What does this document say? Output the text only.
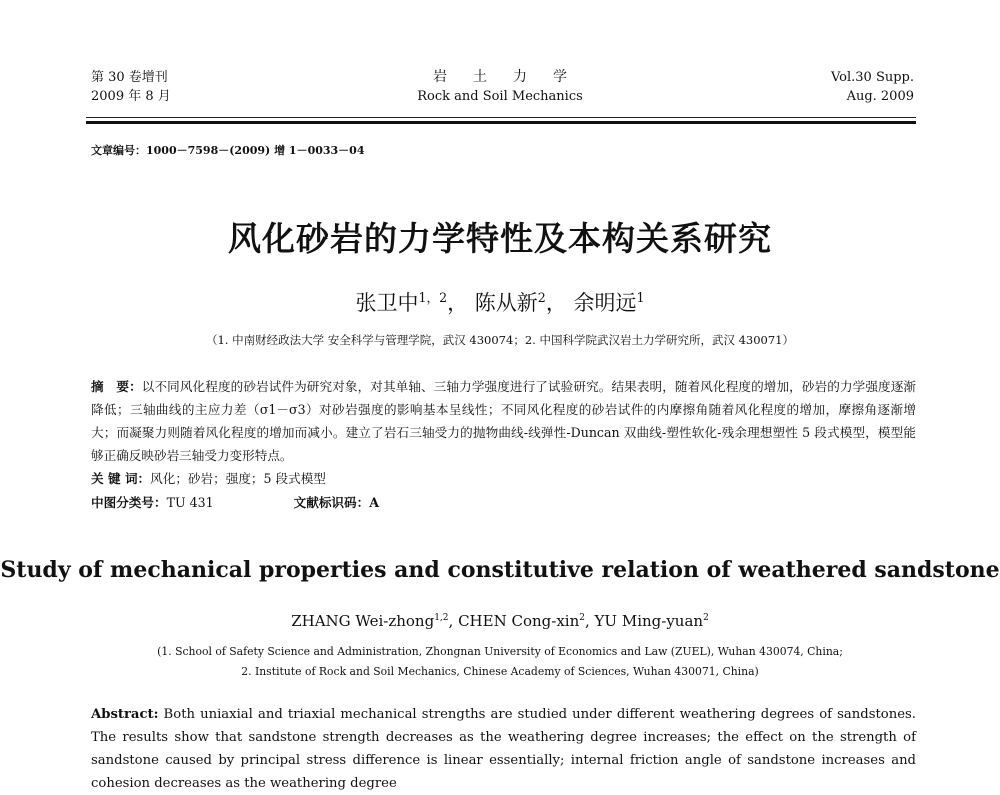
第 30 卷增刊
2009 年 8 月
岩土力学
Rock and Soil Mechanics
Vol.30 Supp.
Aug. 2009
文章编号：1000－7598－(2009) 增 1－0033－04
风化砂岩的力学特性及本构关系研究
张卫中$^{1,2}$， 陈从新$^2$， 余明远$^1$
（1. 中南财经政法大学 安全科学与管理学院，武汉 430074；2. 中国科学院武汉岩土力学研究所，武汉 430071）
摘　要：以不同风化程度的砂岩试件为研究对象，对其单轴、三轴力学强度进行了试验研究。结果表明，随着风化程度的增加，砂岩的力学强度逐渐降低；三轴曲线的主应力差（σ1－σ3）对砂岩强度的影响基本呈线性；不同风化程度的砂岩试件的内摩擦角随着风化程度的增加，摩擦角逐渐增大；而凝聚力则随着风化程度的增加而减小。建立了岩石三轴受力的抛物曲线-线弹性-Duncan 双曲线-塑性软化-残余理想塑性 5 段式模型，模型能够正确反映砂岩三轴受力变形特点。
关 键 词：风化；砂岩；强度；5 段式模型
中图分类号：TU 431	文献标识码：A
Study of mechanical properties and constitutive relation of weathered sandstone
ZHANG Wei-zhong$^{1,2}$, CHEN Cong-xin$^2$, YU Ming-yuan$^2$
(1. School of Safety Science and Administration, Zhongnan University of Economics and Law (ZUEL), Wuhan 430074, China;
2. Institute of Rock and Soil Mechanics, Chinese Academy of Sciences, Wuhan 430071, China)
Abstract: Both uniaxial and triaxial mechanical strengths are studied under different weathering degrees of sandstones. The results show that sandstone strength decreases as the weathering degree increases; the effect on the strength of sandstone caused by principal stress difference is linear essentially; internal friction angle of sandstone increases and cohesion decreases as the weathering degree
